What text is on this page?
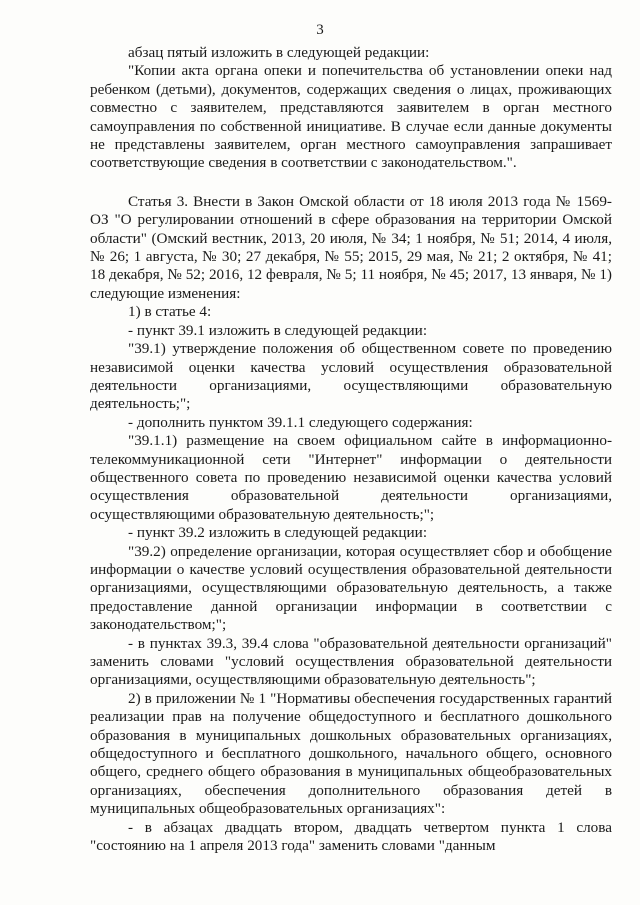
3

абзац пятый изложить в следующей редакции:

"Копии акта органа опеки и попечительства об установлении опеки над ребенком (детьми), документов, содержащих сведения о лицах, проживающих совместно с заявителем, представляются заявителем в орган местного самоуправления по собственной инициативе. В случае если данные документы не представлены заявителем, орган местного самоуправления запрашивает соответствующие сведения в соответствии с законодательством.".

Статья 3. Внести в Закон Омской области от 18 июля 2013 года № 1569-ОЗ "О регулировании отношений в сфере образования на территории Омской области" (Омский вестник, 2013, 20 июля, № 34; 1 ноября, № 51; 2014, 4 июля, № 26; 1 августа, № 30; 27 декабря, № 55; 2015, 29 мая, № 21; 2 октября, № 41; 18 декабря, № 52; 2016, 12 февраля, № 5; 11 ноября, № 45; 2017, 13 января, № 1) следующие изменения:

1) в статье 4:

- пункт 39.1 изложить в следующей редакции:

"39.1) утверждение положения об общественном совете по проведению независимой оценки качества условий осуществления образовательной деятельности организациями, осуществляющими образовательную деятельность;";

- дополнить пунктом 39.1.1 следующего содержания:

"39.1.1) размещение на своем официальном сайте в информационно-телекоммуникационной сети "Интернет" информации о деятельности общественного совета по проведению независимой оценки качества условий осуществления образовательной деятельности организациями, осуществляющими образовательную деятельность;";

- пункт 39.2 изложить в следующей редакции:

"39.2) определение организации, которая осуществляет сбор и обобщение информации о качестве условий осуществления образовательной деятельности организациями, осуществляющими образовательную деятельность, а также предоставление данной организации информации в соответствии с законодательством;";

- в пунктах 39.3, 39.4 слова "образовательной деятельности организаций" заменить словами "условий осуществления образовательной деятельности организациями, осуществляющими образовательную деятельность";

2) в приложении № 1 "Нормативы обеспечения государственных гарантий реализации прав на получение общедоступного и бесплатного дошкольного образования в муниципальных дошкольных образовательных организациях, общедоступного и бесплатного дошкольного, начального общего, основного общего, среднего общего образования в муниципальных общеобразовательных организациях, обеспечения дополнительного образования детей в муниципальных общеобразовательных организациях":

- в абзацах двадцать втором, двадцать четвертом пункта 1 слова "состоянию на 1 апреля 2013 года" заменить словами "данным
